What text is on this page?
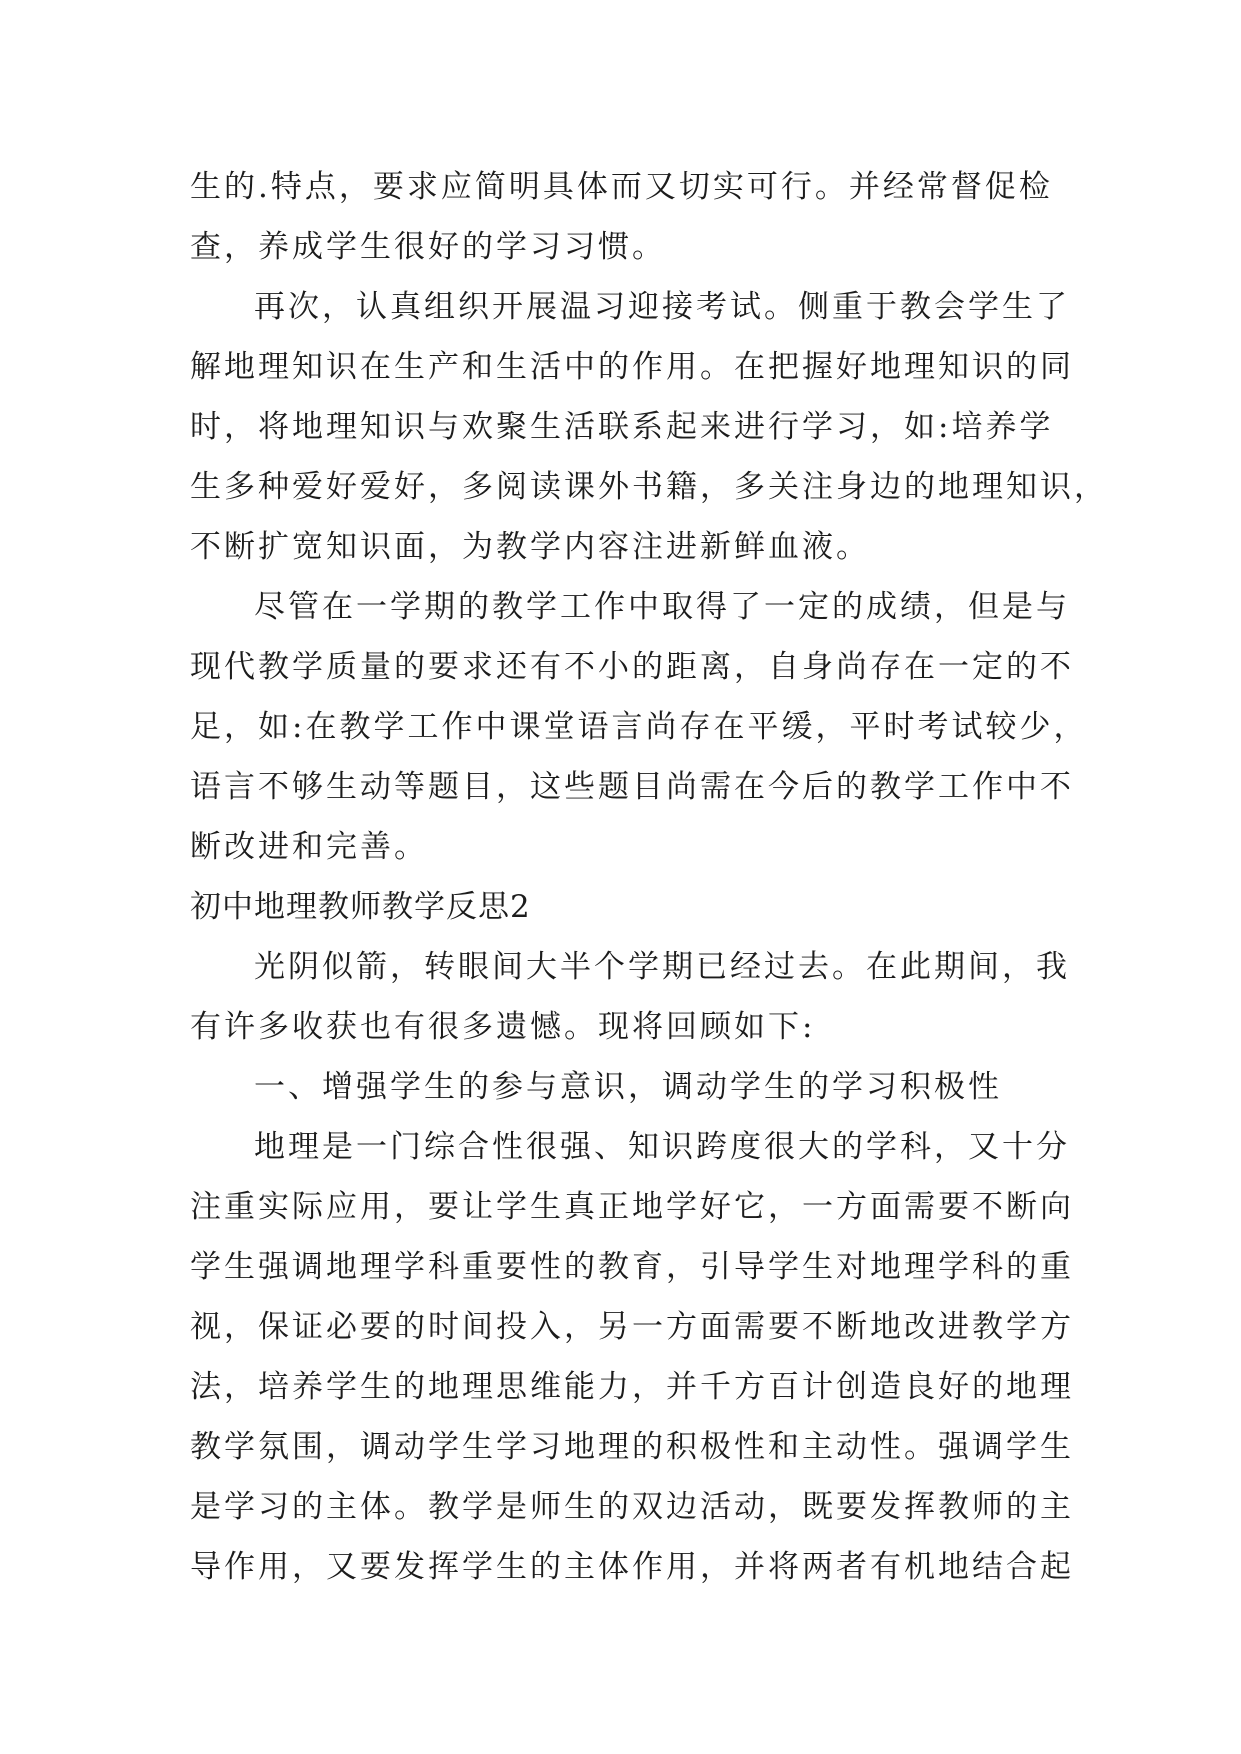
生的.特点，要求应简明具体而又切实可行。并经常督促检
查，养成学生很好的学习习惯。
再次，认真组织开展温习迎接考试。侧重于教会学生了
解地理知识在生产和生活中的作用。在把握好地理知识的同
时，将地理知识与欢聚生活联系起来进行学习，如:培养学
生多种爱好爱好，多阅读课外书籍，多关注身边的地理知识，
不断扩宽知识面，为教学内容注进新鲜血液。
尽管在一学期的教学工作中取得了一定的成绩，但是与
现代教学质量的要求还有不小的距离，自身尚存在一定的不
足，如:在教学工作中课堂语言尚存在平缓，平时考试较少，
语言不够生动等题目，这些题目尚需在今后的教学工作中不
断改进和完善。
初中地理教师教学反思2
光阴似箭，转眼间大半个学期已经过去。在此期间，我
有许多收获也有很多遗憾。现将回顾如下:
一、增强学生的参与意识，调动学生的学习积极性
地理是一门综合性很强、知识跨度很大的学科，又十分
注重实际应用，要让学生真正地学好它，一方面需要不断向
学生强调地理学科重要性的教育，引导学生对地理学科的重
视，保证必要的时间投入，另一方面需要不断地改进教学方
法，培养学生的地理思维能力，并千方百计创造良好的地理
教学氛围，调动学生学习地理的积极性和主动性。强调学生
是学习的主体。教学是师生的双边活动，既要发挥教师的主
导作用，又要发挥学生的主体作用，并将两者有机地结合起
